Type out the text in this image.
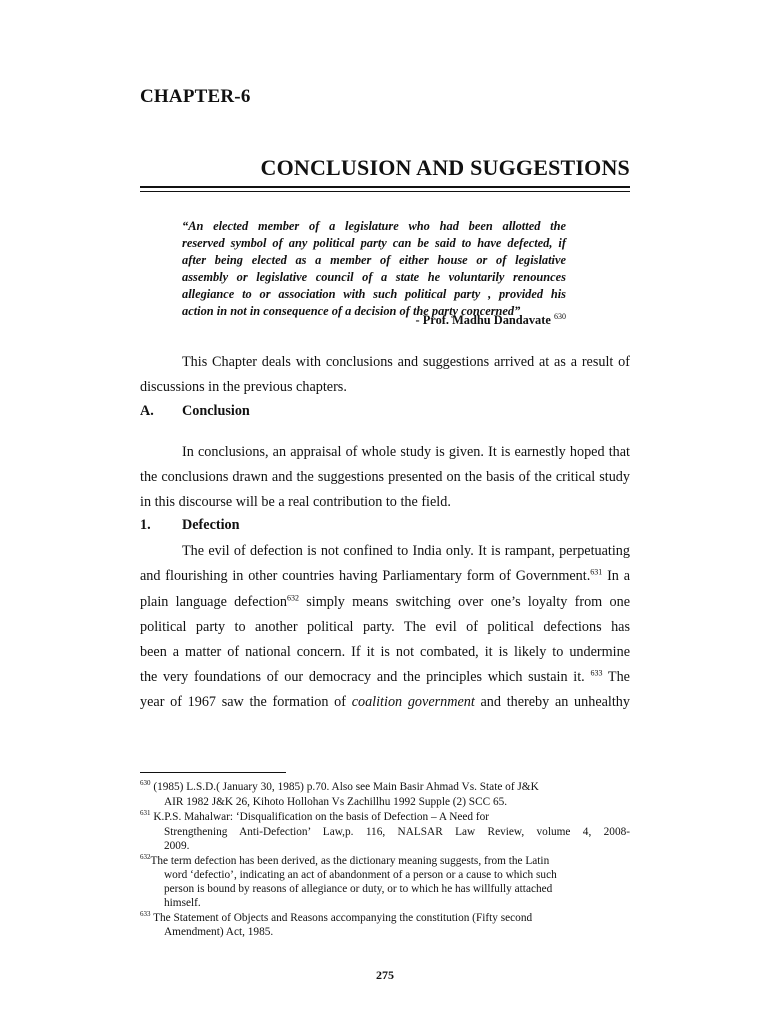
CHAPTER-6
CONCLUSION AND SUGGESTIONS
“An elected member of a legislature who had been allotted the
reserved symbol of any political party can be said to have defected, if
after being elected as a member of either house or of legislative
assembly or legislative council of a state he voluntarily renounces
allegiance to or association with such political party , provided his
action in not in consequence of a decision of the party concerned”
- Prof. Madhu Dandavate $^{630}$
This Chapter deals with conclusions and suggestions arrived at as a result of
discussions in the previous chapters.
A. Conclusion
In conclusions, an appraisal of whole study is given. It is earnestly hoped that
the conclusions drawn and the suggestions presented on the basis of the critical study
in this discourse will be a real contribution to the field.
1. Defection
The evil of defection is not confined to India only. It is rampant, perpetuating
and flourishing in other countries having Parliamentary form of Government.$^{631}$ In a
plain language defection$^{632}$ simply means switching over one’s loyalty from one
political party to another political party. The evil of political defections has
been a matter of national concern. If it is not combated, it is likely to undermine
the very foundations of our democracy and the principles which sustain it. $^{633}$ The
year of 1967 saw the formation of coalition government and thereby an unhealthy
$^{630}$ (1985) L.S.D.( January 30, 1985) p.70. Also see Main Basir Ahmad Vs. State of J&K
AIR 1982 J&K 26, Kihoto Hollohan Vs Zachillhu 1992 Supple (2) SCC 65.
$^{631}$ K.P.S. Mahalwar: ‘Disqualification on the basis of Defection – A Need for
Strengthening Anti-Defection’ Law,p. 116, NALSAR Law Review, volume 4, 2008-
2009.
$^{632}$The term defection has been derived, as the dictionary meaning suggests, from the Latin
word ‘defectio’, indicating an act of abandonment of a person or a cause to which such
person is bound by reasons of allegiance or duty, or to which he has willfully attached
himself.
$^{633}$ The Statement of Objects and Reasons accompanying the constitution (Fifty second
Amendment) Act, 1985.
275
